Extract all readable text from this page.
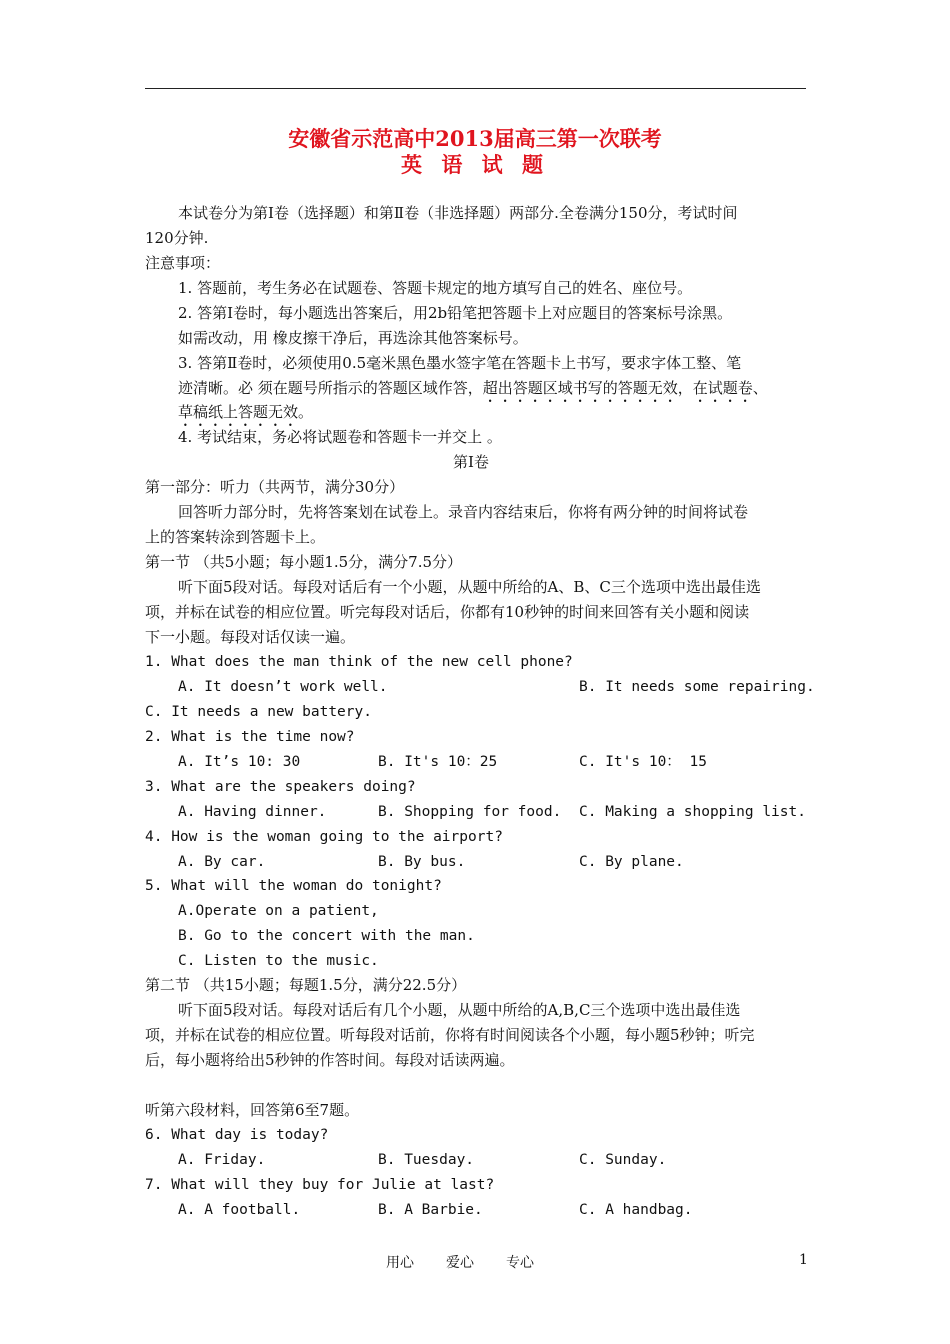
安徽省示范高中2013届高三第一次联考
英 语 试 题
本试卷分为第Ⅰ卷（选择题）和第Ⅱ卷（非选择题）两部分.全卷满分150分，考试时间
120分钟.
注意事项：
1. 答题前，考生务必在试题卷、答题卡规定的地方填写自己的姓名、座位号。
2. 答第Ⅰ卷时，每小题选出答案后，用2b铅笔把答题卡上对应题目的答案标号涂黑。
如需改动，用 橡皮擦干净后，再选涂其他答案标号。
3. 答第Ⅱ卷时，必须使用0.5毫米黑色墨水签字笔在答题卡上书写，要求字体工整、笔
迹清晰。必 须在题号所指示的答题区域作答，超出答题区域书写的答题无效，在试题卷、
草稿纸上答题无效。
4. 考试结束，务必将试题卷和答题卡一并交上 。
第Ⅰ卷
第一部分：听力（共两节，满分30分）
回答听力部分时，先将答案划在试卷上。录音内容结束后，你将有两分钟的时间将试卷
上的答案转涂到答题卡上。
第一节 （共5小题；每小题1.5分，满分7.5分）
听下面5段对话。每段对话后有一个小题，从题中所给的A、B、C三个选项中选出最佳选
项，并标在试卷的相应位置。听完每段对话后，你都有10秒钟的时间来回答有关小题和阅读
下一小题。每段对话仅读一遍。
1. What does the man think of the new cell phone?
A. It doesn’t work well.	B. It needs some repairing.
C. It needs a new battery.
2. What is the time now?
A. It’s 10: 30	B. It's 10：25	C. It's 10： 15
3. What are the speakers doing?
A. Having dinner.	B. Shopping for food. C. Making a shopping list.
4. How is the woman going to the airport?
A. By car.	B. By bus.	C. By plane.
5. What will the woman do tonight?
A.Operate on a patient,
B. Go to the concert with the man.
C. Listen to the music.
第二节 （共15小题；每题1.5分，满分22.5分）
听下面5段对话。每段对话后有几个小题，从题中所给的A,B,C三个选项中选出最佳选
项，并标在试卷的相应位置。听每段对话前，你将有时间阅读各个小题，每小题5秒钟；听完
后，每小题将给出5秒钟的作答时间。每段对话读两遍。
听第六段材料，回答第6至7题。
6. What day is today?
A. Friday.	B. Tuesday.	C. Sunday.
7. What will they buy for Julie at last?
A. A football.	B. A Barbie.	C. A handbag.
用心 爱心 专心	1
